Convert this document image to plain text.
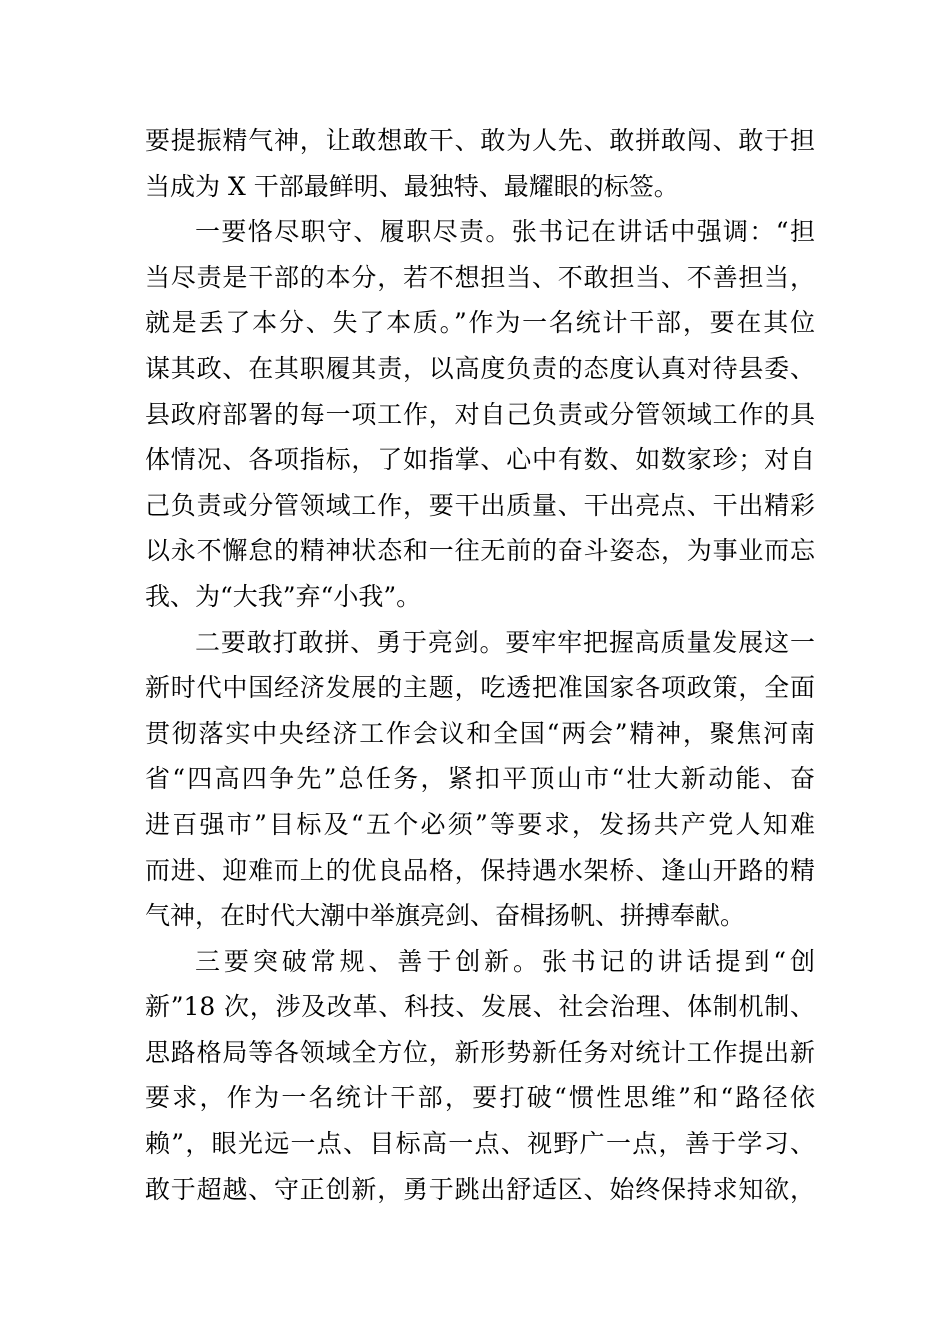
要提振精气神，让敢想敢干、敢为人先、敢拼敢闯、敢于担
当成为 X 干部最鲜明、最独特、最耀眼的标签。
一要恪尽职守、履职尽责。张书记在讲话中强调：“担
当尽责是干部的本分，若不想担当、不敢担当、不善担当，
就是丢了本分、失了本质。”作为一名统计干部，要在其位
谋其政、在其职履其责，以高度负责的态度认真对待县委、
县政府部署的每一项工作，对自己负责或分管领域工作的具
体情况、各项指标，了如指掌、心中有数、如数家珍；对自
己负责或分管领域工作，要干出质量、干出亮点、干出精彩
以永不懈怠的精神状态和一往无前的奋斗姿态，为事业而忘
我、为“大我”弃“小我”。
二要敢打敢拼、勇于亮剑。要牢牢把握高质量发展这一
新时代中国经济发展的主题，吃透把准国家各项政策，全面
贯彻落实中央经济工作会议和全国“两会”精神，聚焦河南
省“四高四争先”总任务，紧扣平顶山市“壮大新动能、奋
进百强市”目标及“五个必须”等要求，发扬共产党人知难
而进、迎难而上的优良品格，保持遇水架桥、逢山开路的精
气神，在时代大潮中举旗亮剑、奋楫扬帆、拼搏奉献。
三要突破常规、善于创新。张书记的讲话提到“创
新”18 次，涉及改革、科技、发展、社会治理、体制机制、
思路格局等各领域全方位，新形势新任务对统计工作提出新
要求，作为一名统计干部，要打破“惯性思维”和“路径依
赖”，眼光远一点、目标高一点、视野广一点，善于学习、
敢于超越、守正创新，勇于跳出舒适区、始终保持求知欲，
